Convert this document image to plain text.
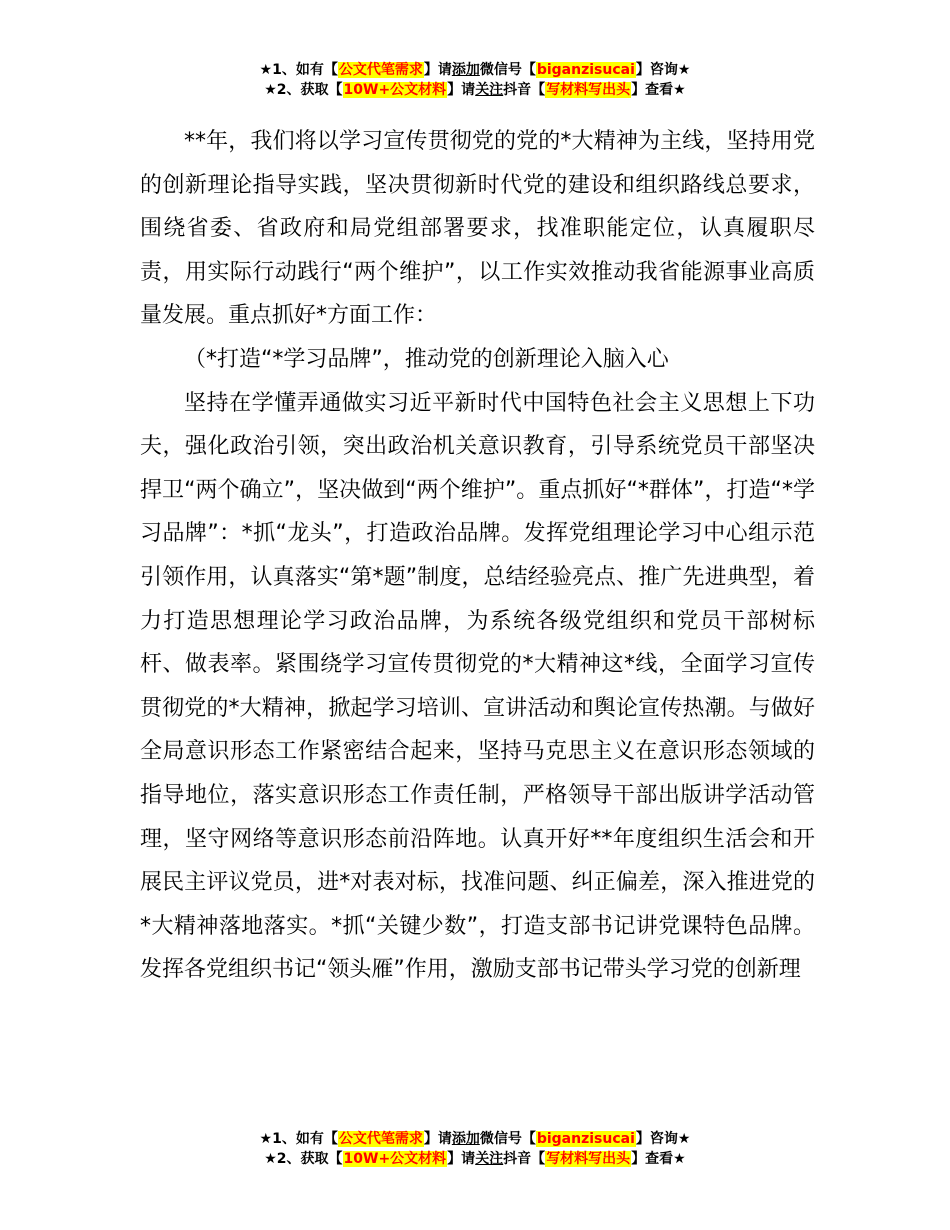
★1、如有【公文代笔需求】请添加微信号【biganzisucai】咨询★
★2、获取【10W+公文材料】请关注抖音【写材料写出头】查看★

**年，我们将以学习宣传贯彻党的党的*大精神为主线，坚持用党的创新理论指导实践，坚决贯彻新时代党的建设和组织路线总要求，围绕省委、省政府和局党组部署要求，找准职能定位，认真履职尽责，用实际行动践行“两个维护”，以工作实效推动我省能源事业高质量发展。重点抓好*方面工作：

（*打造“*学习品牌”，推动党的创新理论入脑入心

坚持在学懂弄通做实习近平新时代中国特色社会主义思想上下功夫，强化政治引领，突出政治机关意识教育，引导系统党员干部坚决捍卫“两个确立”，坚决做到“两个维护”。重点抓好“*群体”，打造“*学习品牌”：*抓“龙头”，打造政治品牌。发挥党组理论学习中心组示范引领作用，认真落实“第*题”制度，总结经验亮点、推广先进典型，着力打造思想理论学习政治品牌，为系统各级党组织和党员干部树标杆、做表率。紧围绕学习宣传贯彻党的*大精神这*线，全面学习宣传贯彻党的*大精神，掀起学习培训、宣讲活动和舆论宣传热潮。与做好全局意识形态工作紧密结合起来，坚持马克思主义在意识形态领域的指导地位，落实意识形态工作责任制，严格领导干部出版讲学活动管理，坚守网络等意识形态前沿阵地。认真开好**年度组织生活会和开展民主评议党员，进*对表对标，找准问题、纠正偏差，深入推进党的*大精神落地落实。*抓“关键少数”，打造支部书记讲党课特色品牌。发挥各党组织书记“领头雁”作用，激励支部书记带头学习党的创新理

★1、如有【公文代笔需求】请添加微信号【biganzisucai】咨询★
★2、获取【10W+公文材料】请关注抖音【写材料写出头】查看★
